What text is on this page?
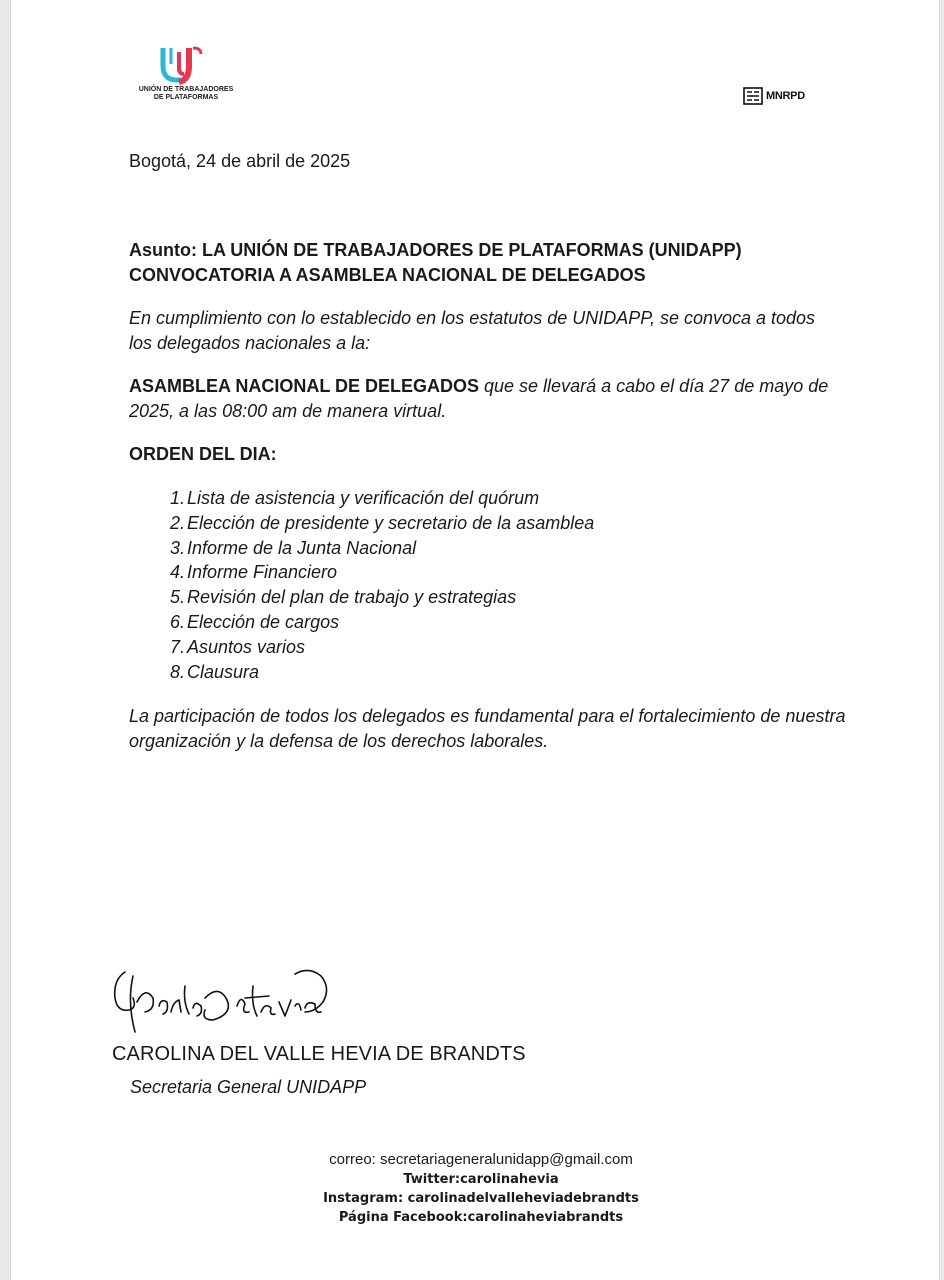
UNIÓN DE TRABAJADORES
DE PLATAFORMAS	MNRPD
Bogotá, 24 de abril de 2025
Asunto: LA UNIÓN DE TRABAJADORES DE PLATAFORMAS (UNIDAPP)
CONVOCATORIA A ASAMBLEA NACIONAL DE DELEGADOS
En cumplimiento con lo establecido en los estatutos de UNIDAPP, se convoca a todos los delegados nacionales a la:
ASAMBLEA NACIONAL DE DELEGADOS que se llevará a cabo el día 27 de mayo de 2025, a las 08:00 am de manera virtual.
ORDEN DEL DIA:
1. Lista de asistencia y verificación del quórum
2. Elección de presidente y secretario de la asamblea
3. Informe de la Junta Nacional
4. Informe Financiero
5. Revisión del plan de trabajo y estrategias
6. Elección de cargos
7. Asuntos varios
8. Clausura
La participación de todos los delegados es fundamental para el fortalecimiento de nuestra organización y la defensa de los derechos laborales.
CAROLINA DEL VALLE HEVIA DE BRANDTS
Secretaria General UNIDAPP
correo: secretariageneralunidapp@gmail.com
Twitter:carolinahevia
Instagram: carolinadelvalleheviadebrandts
Página Facebook:carolinaheviabrandts
